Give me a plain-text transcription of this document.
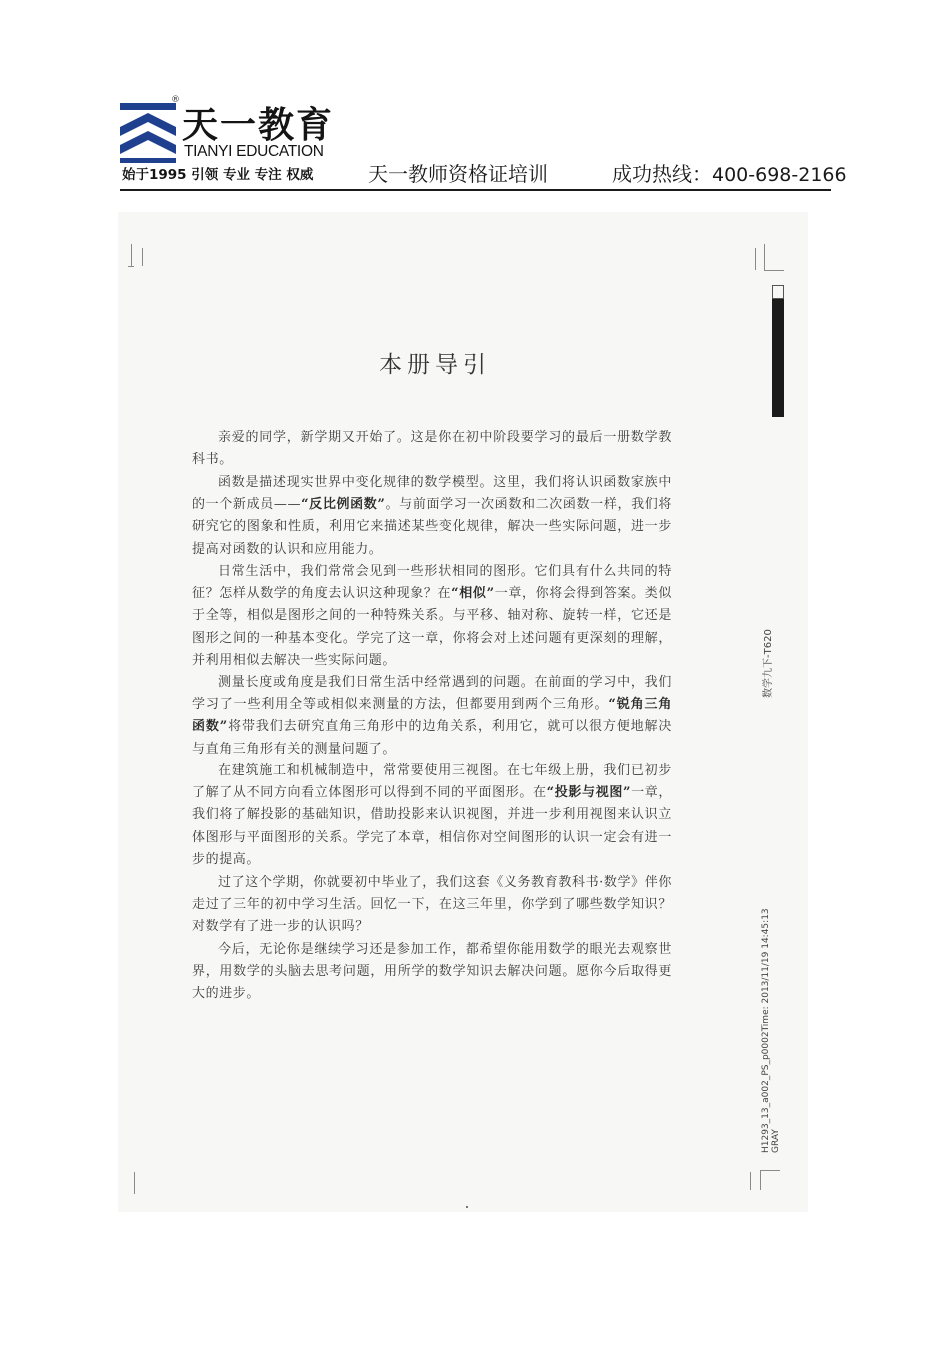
®
天一教育
TIANYI EDUCATION
始于1995 引领 专业 专注 权威	天一教师资格证培训	成功热线：400-698-2166
本册导引

亲爱的同学，新学期又开始了。这是你在初中阶段要学习的最后一册数学教科书。

函数是描述现实世界中变化规律的数学模型。这里，我们将认识函数家族中的一个新成员——“反比例函数”。与前面学习一次函数和二次函数一样，我们将研究它的图象和性质，利用它来描述某些变化规律，解决一些实际问题，进一步提高对函数的认识和应用能力。

日常生活中，我们常常会见到一些形状相同的图形。它们具有什么共同的特征？怎样从数学的角度去认识这种现象？在“相似”一章，你将会得到答案。类似于全等，相似是图形之间的一种特殊关系。与平移、轴对称、旋转一样，它还是图形之间的一种基本变化。学完了这一章，你将会对上述问题有更深刻的理解，并利用相似去解决一些实际问题。

测量长度或角度是我们日常生活中经常遇到的问题。在前面的学习中，我们学习了一些利用全等或相似来测量的方法，但都要用到两个三角形。“锐角三角函数”将带我们去研究直角三角形中的边角关系，利用它，就可以很方便地解决与直角三角形有关的测量问题了。

在建筑施工和机械制造中，常常要使用三视图。在七年级上册，我们已初步了解了从不同方向看立体图形可以得到不同的平面图形。在“投影与视图”一章，我们将了解投影的基础知识，借助投影来认识视图，并进一步利用视图来认识立体图形与平面图形的关系。学完了本章，相信你对空间图形的认识一定会有进一步的提高。

过了这个学期，你就要初中毕业了，我们这套《义务教育教科书·数学》伴你走过了三年的初中学习生活。回忆一下，在这三年里，你学到了哪些数学知识？对数学有了进一步的认识吗？

今后，无论你是继续学习还是参加工作，都希望你能用数学的眼光去观察世界，用数学的头脑去思考问题，用所学的数学知识去解决问题。愿你今后取得更大的进步。

数学九下-T620
H1293_13_a002_PS_p0002Time: 2013/11/19 14:45:13 GRAY
